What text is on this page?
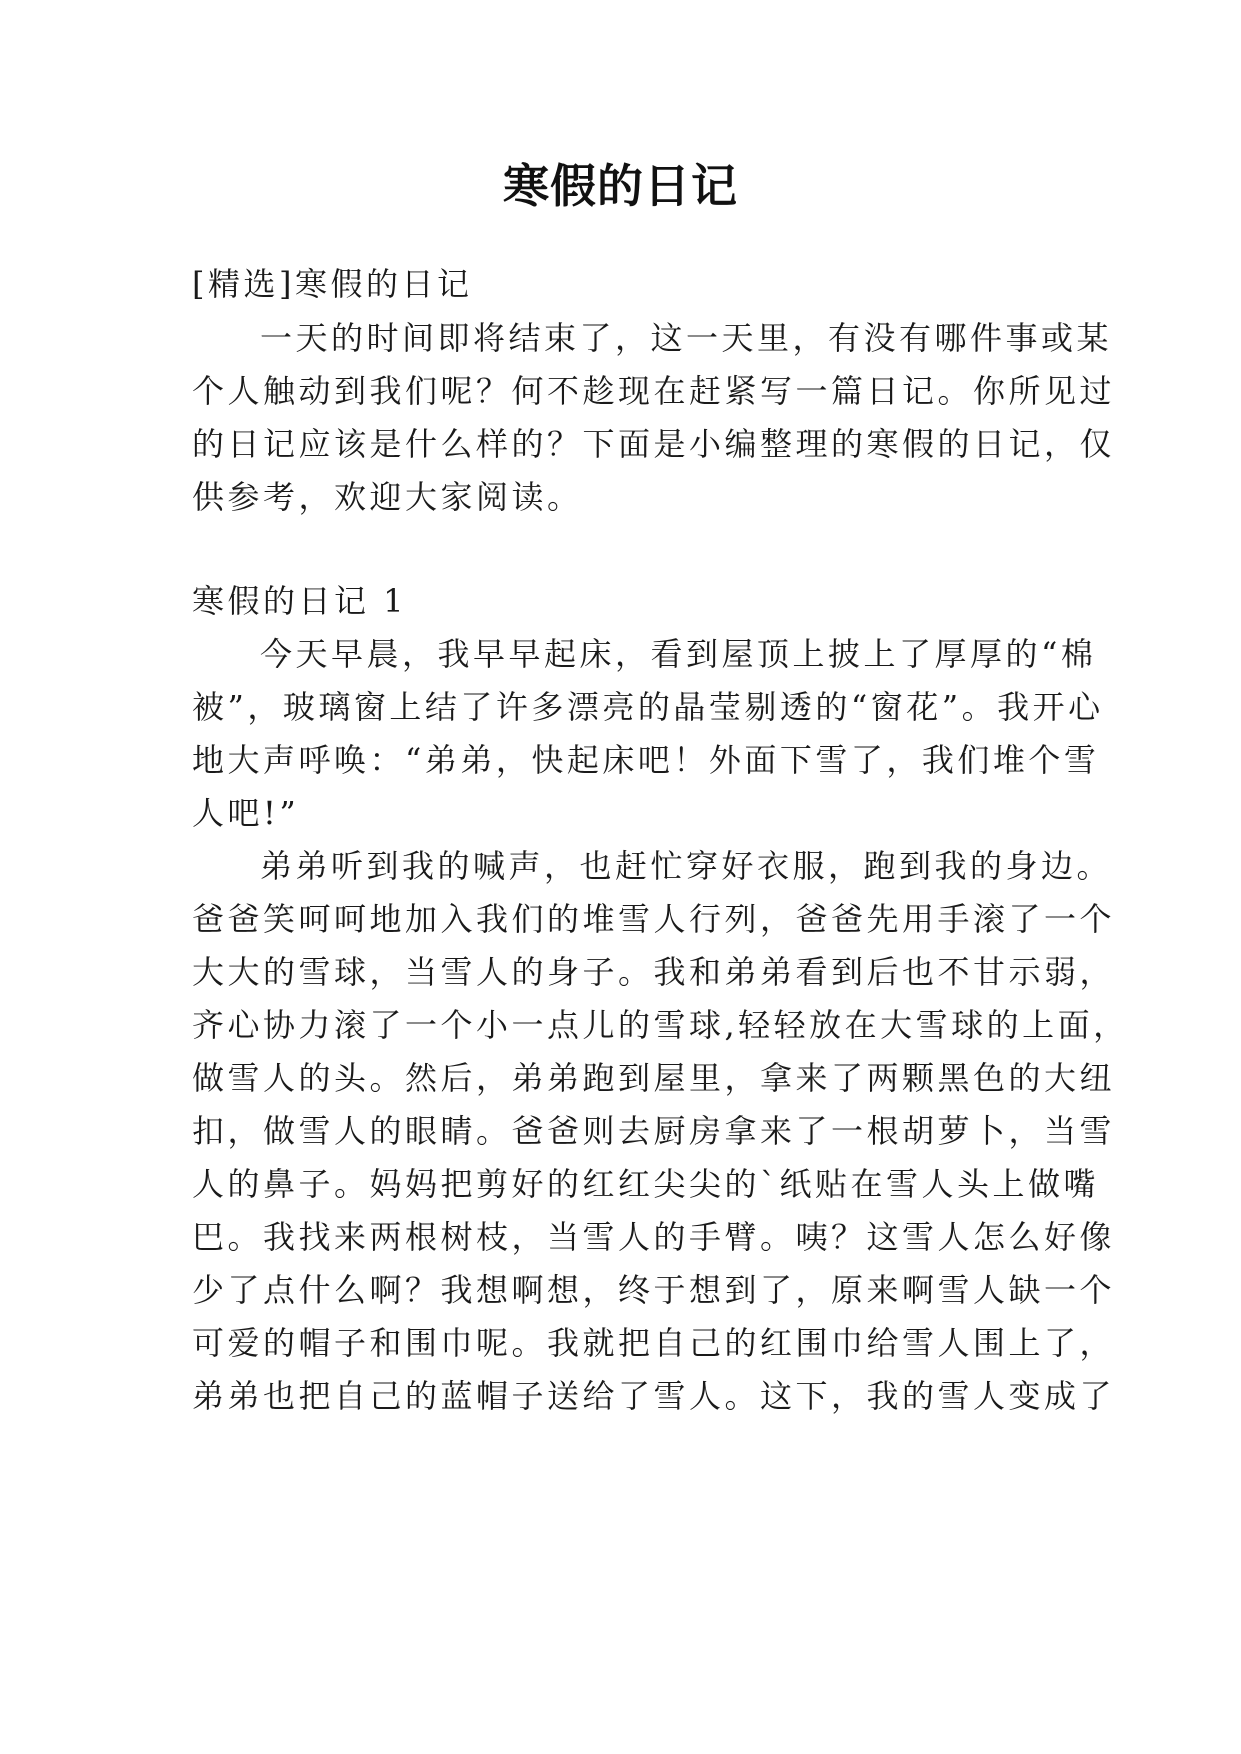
寒假的日记
[精选]寒假的日记
一天的时间即将结束了，这一天里，有没有哪件事或某
个人触动到我们呢？何不趁现在赶紧写一篇日记。你所见过
的日记应该是什么样的？下面是小编整理的寒假的日记，仅
供参考，欢迎大家阅读。
寒假的日记 1
今天早晨，我早早起床，看到屋顶上披上了厚厚的“棉
被”，玻璃窗上结了许多漂亮的晶莹剔透的“窗花”。我开心
地大声呼唤：“弟弟，快起床吧！外面下雪了，我们堆个雪
人吧!”
弟弟听到我的喊声，也赶忙穿好衣服，跑到我的身边。
爸爸笑呵呵地加入我们的堆雪人行列，爸爸先用手滚了一个
大大的雪球，当雪人的身子。我和弟弟看到后也不甘示弱，
齐心协力滚了一个小一点儿的雪球,轻轻放在大雪球的上面，
做雪人的头。然后，弟弟跑到屋里，拿来了两颗黑色的大纽
扣，做雪人的眼睛。爸爸则去厨房拿来了一根胡萝卜，当雪
人的鼻子。妈妈把剪好的红红尖尖的`纸贴在雪人头上做嘴
巴。我找来两根树枝，当雪人的手臂。咦？这雪人怎么好像
少了点什么啊？我想啊想，终于想到了，原来啊雪人缺一个
可爱的帽子和围巾呢。我就把自己的红围巾给雪人围上了，
弟弟也把自己的蓝帽子送给了雪人。这下，我的雪人变成了
